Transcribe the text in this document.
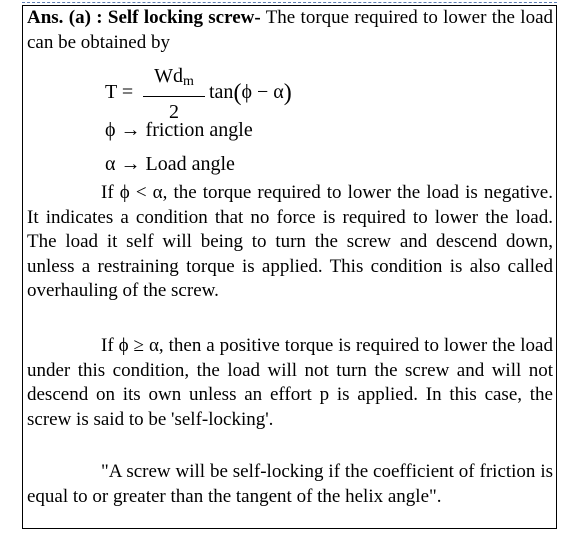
Ans. (a) : Self locking screw- The torque required to lower the load can be obtained by

T =
Wdm
2
tan(ϕ − α)
ϕ → friction angle
α → Load angle

If ϕ < α, the torque required to lower the load is negative. It indicates a condition that no force is required to lower the load. The load it self will being to turn the screw and descend down, unless a restraining torque is applied. This condition is also called overhauling of the screw.

If ϕ ≥ α, then a positive torque is required to lower the load under this condition, the load will not turn the screw and will not descend on its own unless an effort p is applied. In this case, the screw is said to be 'self-locking'.

"A screw will be self-locking if the coefficient of friction is equal to or greater than the tangent of the helix angle".
